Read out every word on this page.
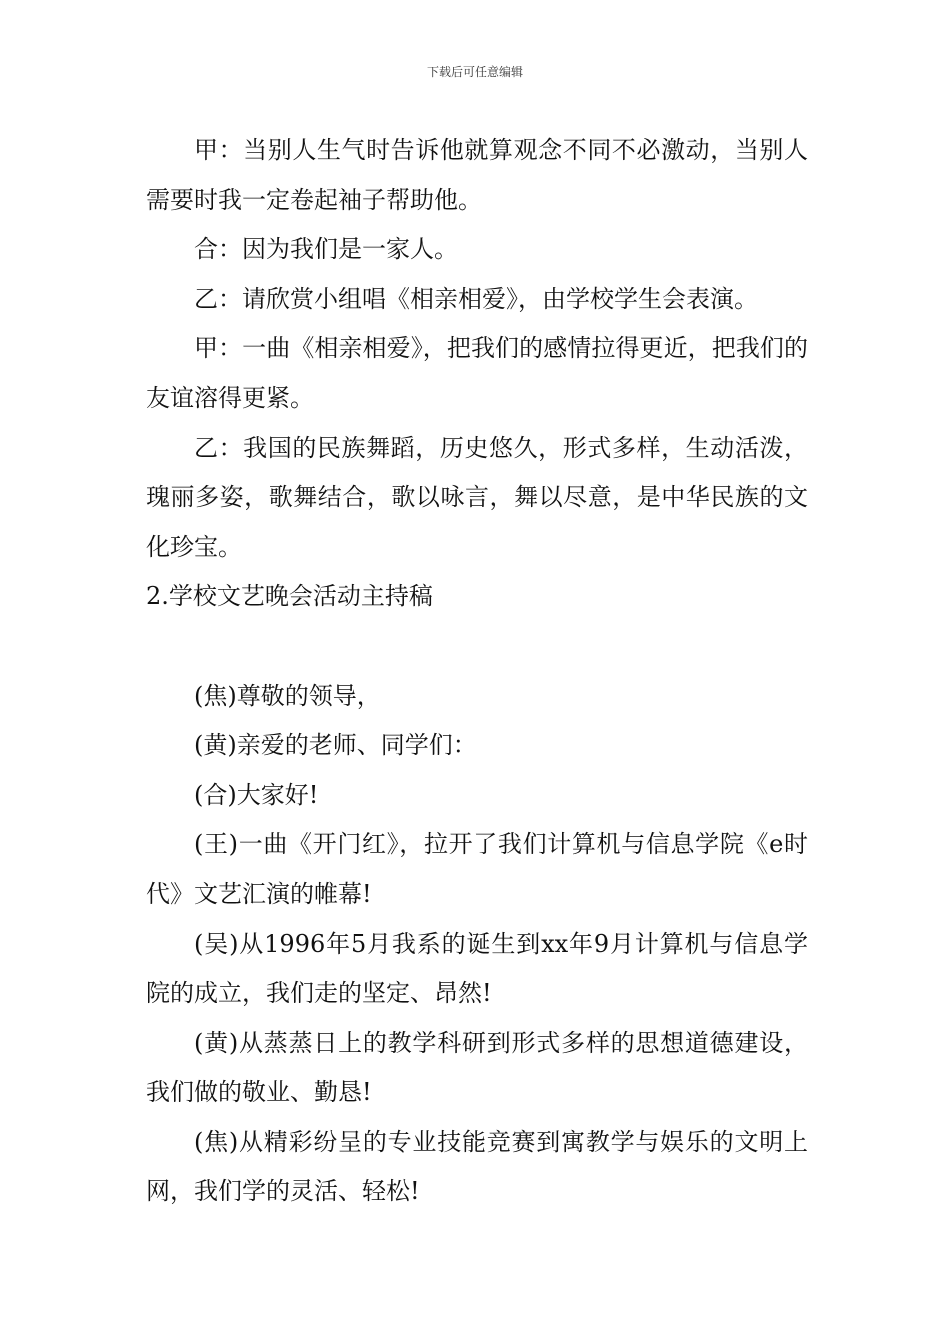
下载后可任意编辑

甲：当别人生气时告诉他就算观念不同不必激动，当别人需要时我一定卷起袖子帮助他。

合：因为我们是一家人。

乙：请欣赏小组唱《相亲相爱》，由学校学生会表演。

甲：一曲《相亲相爱》，把我们的感情拉得更近，把我们的友谊溶得更紧。

乙：我国的民族舞蹈，历史悠久，形式多样，生动活泼，瑰丽多姿，歌舞结合，歌以咏言，舞以尽意，是中华民族的文化珍宝。

2.学校文艺晚会活动主持稿

(焦)尊敬的领导，

(黄)亲爱的老师、同学们：

(合)大家好!

(王)一曲《开门红》，拉开了我们计算机与信息学院《e时代》文艺汇演的帷幕!

(吴)从1996年5月我系的诞生到xx年9月计算机与信息学院的成立，我们走的坚定、昂然!

(黄)从蒸蒸日上的教学科研到形式多样的思想道德建设，我们做的敬业、勤恳!

(焦)从精彩纷呈的专业技能竞赛到寓教学与娱乐的文明上网，我们学的灵活、轻松!
